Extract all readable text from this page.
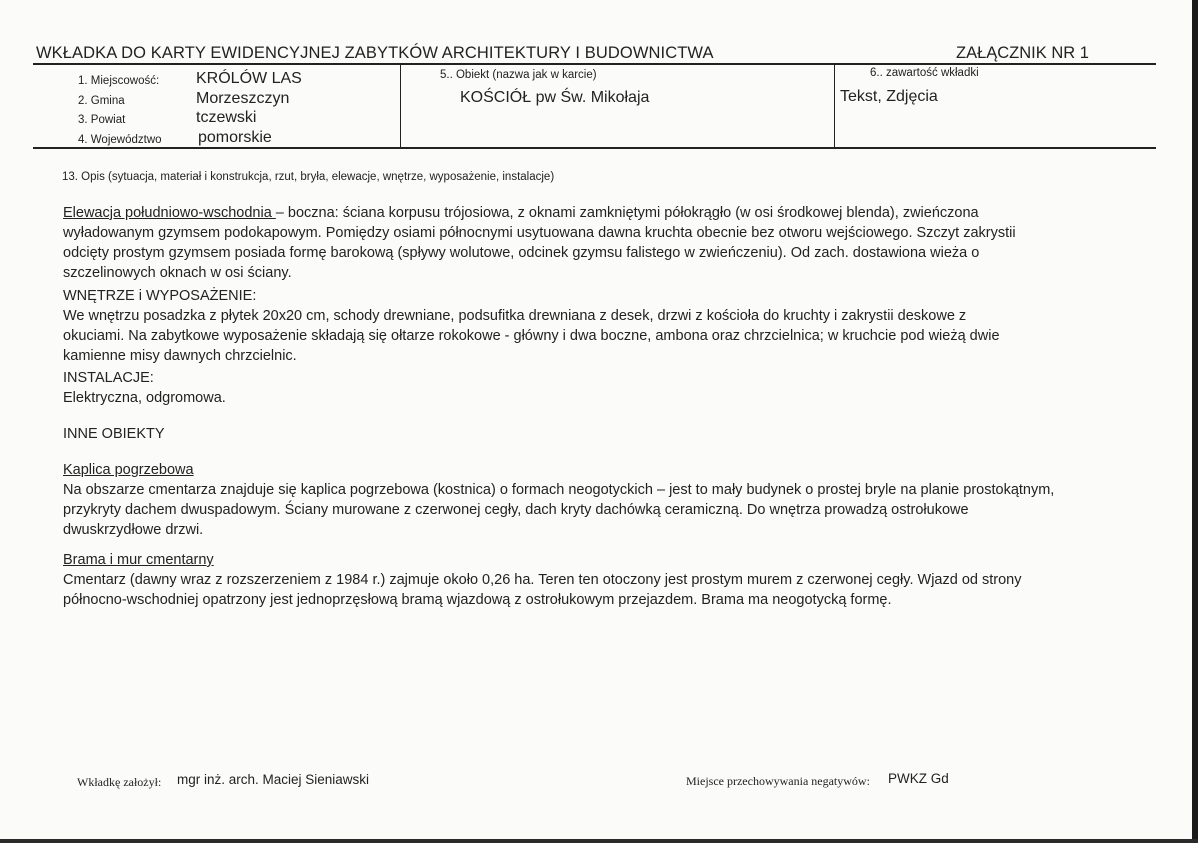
WKŁADKA DO KARTY EWIDENCYJNEJ ZABYTKÓW ARCHITEKTURY I BUDOWNICTWA	ZAŁĄCZNIK NR 1
1. Miejscowość: KRÓLÓW LAS
2. Gmina	Morzeszczyn
3. Powiat	tczewski
4. Województwo pomorskie
5.. Obiekt (nazwa jak w karcie)
KOŚCIÓŁ pw Św. Mikołaja
6.. zawartość wkładki
Tekst, Zdjęcia
13. Opis (sytuacja, materiał i konstrukcja, rzut, bryła, elewacje, wnętrze, wyposażenie, instalacje)

Elewacja południowo-wschodnia – boczna: ściana korpusu trójosiowa, z oknami zamkniętymi półokrągło (w osi środkowej blenda), zwieńczona

wyładowanym gzymsem podokapowym. Pomiędzy osiami północnymi usytuowana dawna kruchta obecnie bez otworu wejściowego. Szczyt zakrystii

odcięty prostym gzymsem posiada formę barokową (spływy wolutowe, odcinek gzymsu falistego w zwieńczeniu). Od zach. dostawiona wieża o

szczelinowych oknach w osi ściany.

WNĘTRZE i WYPOSAŻENIE:

We wnętrzu posadzka z płytek 20x20 cm, schody drewniane, podsufitka drewniana z desek, drzwi z kościoła do kruchty i zakrystii deskowe z

okuciami. Na zabytkowe wyposażenie składają się ołtarze rokokowe - główny i dwa boczne, ambona oraz chrzcielnica; w kruchcie pod wieżą dwie

kamienne misy dawnych chrzcielnic.

INSTALACJE:

Elektryczna, odgromowa.

INNE OBIEKTY

Kaplica pogrzebowa

Na obszarze cmentarza znajduje się kaplica pogrzebowa (kostnica) o formach neogotyckich – jest to mały budynek o prostej bryle na planie prostokątnym,

przykryty dachem dwuspadowym. Ściany murowane z czerwonej cegły, dach kryty dachówką ceramiczną. Do wnętrza prowadzą ostrołukowe

dwuskrzydłowe drzwi.

Brama i mur cmentarny

Cmentarz (dawny wraz z rozszerzeniem z 1984 r.) zajmuje około 0,26 ha. Teren ten otoczony jest prostym murem z czerwonej cegły. Wjazd od strony

północno-wschodniej opatrzony jest jednoprzęsłową bramą wjazdową z ostrołukowym przejazdem. Brama ma neogotycką formę.

Wkładkę założył: mgr inż. arch. Maciej Sieniawski	Miejsce przechowywania negatywów: PWKZ Gd
